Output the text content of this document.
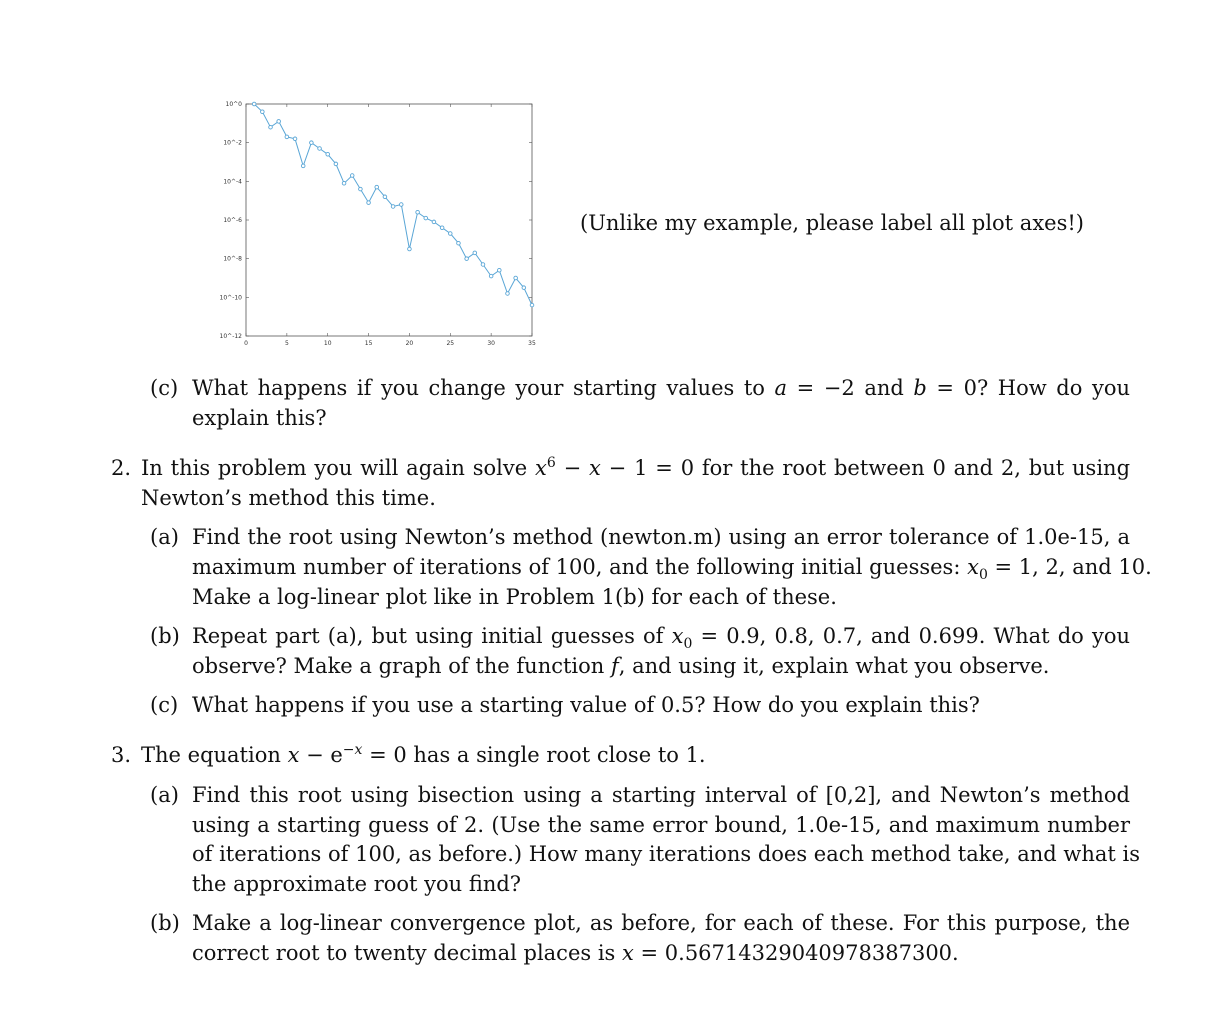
10^0
10^-2
10^-4
10^-6
10^-8
10^-10
10^-12
0	5	10	15	20	25	30	35
(Unlike my example, please label all plot axes!)
(c) What happens if you change your starting values to a = −2 and b = 0? How do you
explain this?
2. In this problem you will again solve $x^6 - x - 1 = 0$ for the root between 0 and 2, but using
Newton’s method this time.
(a) Find the root using Newton’s method (newton.m) using an error tolerance of 1.0e-15, a
maximum number of iterations of 100, and the following initial guesses: $x_0 = 1$, 2, and 10.
Make a log-linear plot like in Problem 1(b) for each of these.
(b) Repeat part (a), but using initial guesses of $x_0 = 0.9$, 0.8, 0.7, and 0.699. What do you
observe? Make a graph of the function f, and using it, explain what you observe.
(c) What happens if you use a starting value of 0.5? How do you explain this?
3. The equation $x - e^{-x} = 0$ has a single root close to 1.
(a) Find this root using bisection using a starting interval of [0,2], and Newton’s method
using a starting guess of 2. (Use the same error bound, 1.0e-15, and maximum number
of iterations of 100, as before.) How many iterations does each method take, and what is
the approximate root you find?
(b) Make a log-linear convergence plot, as before, for each of these. For this purpose, the
correct root to twenty decimal places is x = 0.56714329040978387300.
